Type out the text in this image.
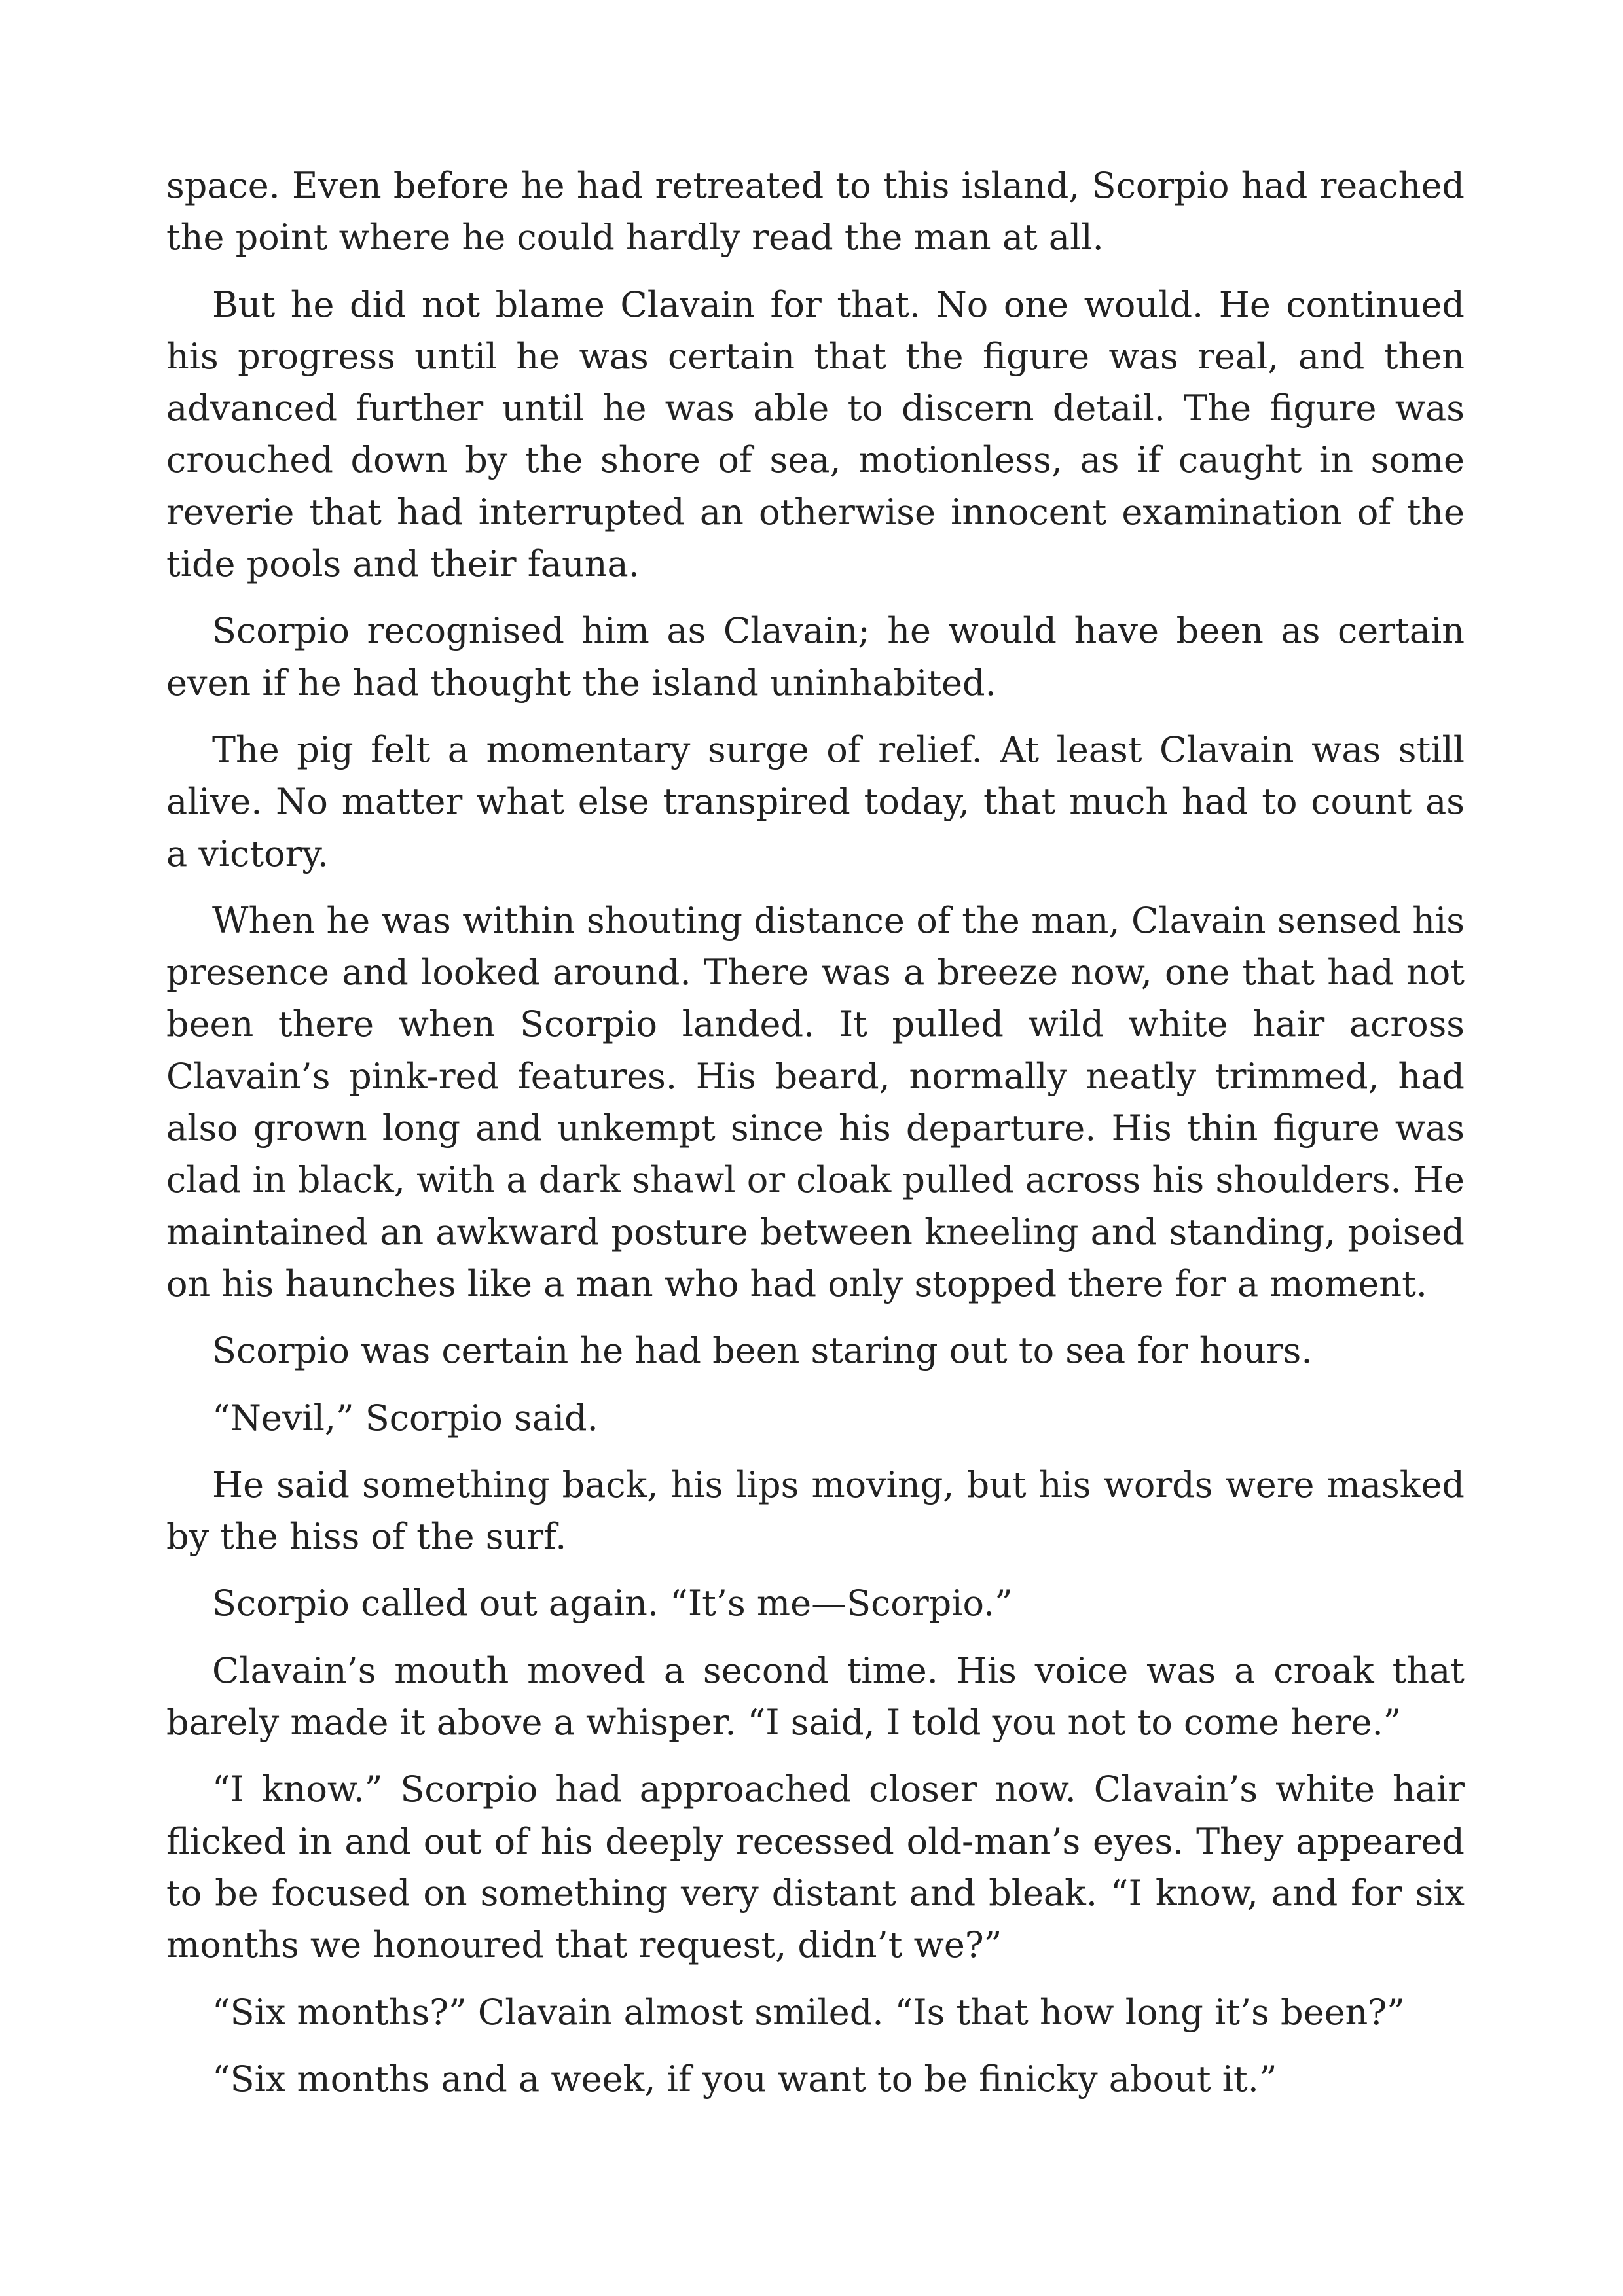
space. Even before he had retreated to this island, Scorpio had reached the point where he could hardly read the man at all.

But he did not blame Clavain for that. No one would. He continued his progress until he was certain that the figure was real, and then advanced further until he was able to discern detail. The figure was crouched down by the shore of sea, motionless, as if caught in some reverie that had interrupted an otherwise innocent examination of the tide pools and their fauna.

Scorpio recognised him as Clavain; he would have been as certain even if he had thought the island uninhabited.

The pig felt a momentary surge of relief. At least Clavain was still alive. No matter what else transpired today, that much had to count as a victory.

When he was within shouting distance of the man, Clavain sensed his presence and looked around. There was a breeze now, one that had not been there when Scorpio landed. It pulled wild white hair across Clavain’s pink-red features. His beard, normally neatly trimmed, had also grown long and unkempt since his departure. His thin figure was clad in black, with a dark shawl or cloak pulled across his shoulders. He maintained an awkward posture between kneeling and standing, poised on his haunches like a man who had only stopped there for a moment.

Scorpio was certain he had been staring out to sea for hours.

“Nevil,” Scorpio said.

He said something back, his lips moving, but his words were masked by the hiss of the surf.

Scorpio called out again. “It’s me—Scorpio.”

Clavain’s mouth moved a second time. His voice was a croak that barely made it above a whisper. “I said, I told you not to come here.”

“I know.” Scorpio had approached closer now. Clavain’s white hair flicked in and out of his deeply recessed old-man’s eyes. They appeared to be focused on something very distant and bleak. “I know, and for six months we honoured that request, didn’t we?”

“Six months?” Clavain almost smiled. “Is that how long it’s been?”

“Six months and a week, if you want to be finicky about it.”
